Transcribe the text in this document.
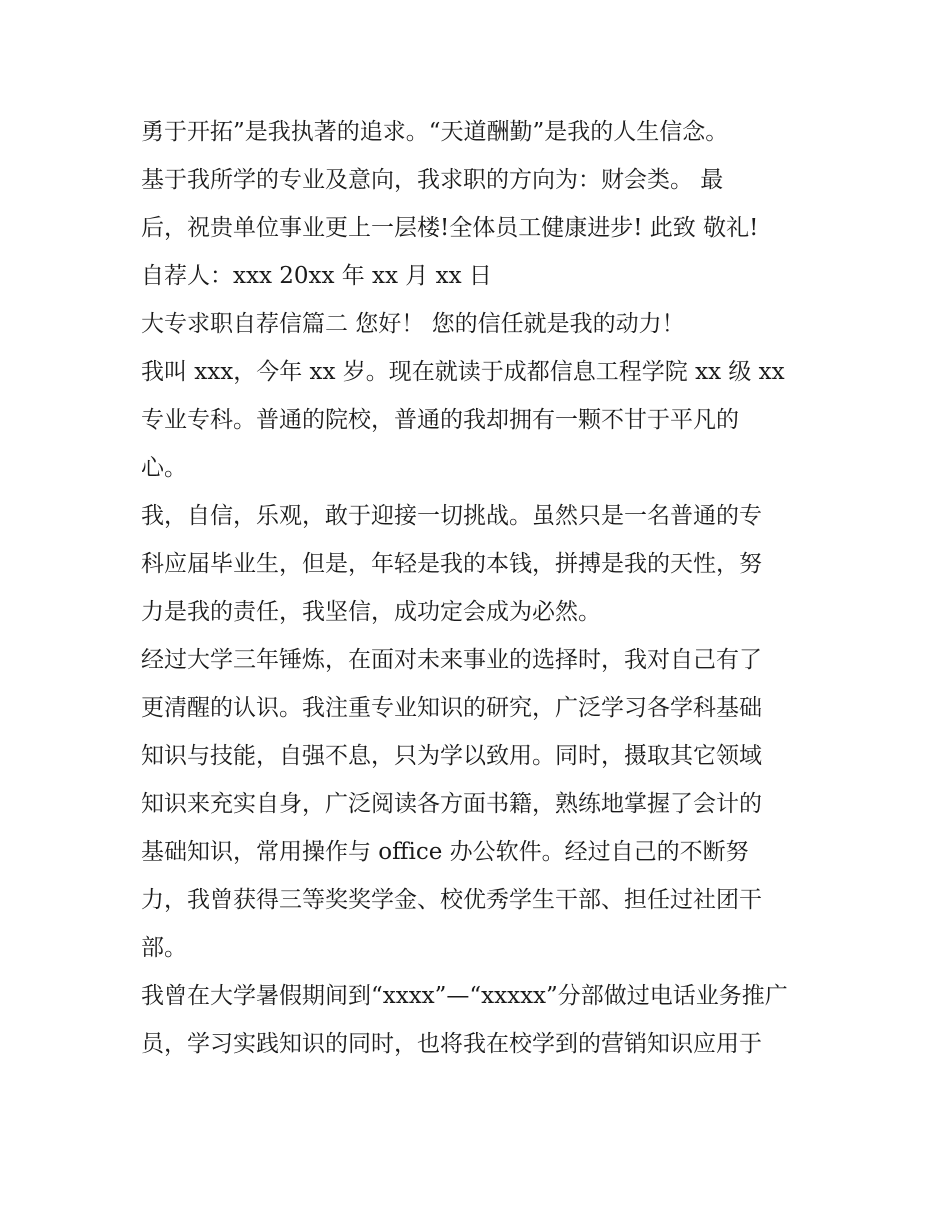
勇于开拓”是我执著的追求。“天道酬勤”是我的人生信念。
基于我所学的专业及意向，我求职的方向为：财会类。 最
后，祝贵单位事业更上一层楼!全体员工健康进步! 此致 敬礼!
自荐人：xxx 20xx 年 xx 月 xx 日
大专求职自荐信篇二 您好！ 您的信任就是我的动力！
我叫 xxx，今年 xx 岁。现在就读于成都信息工程学院 xx 级 xx
专业专科。普通的院校，普通的我却拥有一颗不甘于平凡的
心。
我，自信，乐观，敢于迎接一切挑战。虽然只是一名普通的专
科应届毕业生，但是，年轻是我的本钱，拼搏是我的天性，努
力是我的责任，我坚信，成功定会成为必然。
经过大学三年锤炼，在面对未来事业的选择时，我对自己有了
更清醒的认识。我注重专业知识的研究，广泛学习各学科基础
知识与技能，自强不息，只为学以致用。同时，摄取其它领域
知识来充实自身，广泛阅读各方面书籍，熟练地掌握了会计的
基础知识，常用操作与 office 办公软件。经过自己的不断努
力，我曾获得三等奖奖学金、校优秀学生干部、担任过社团干
部。
我曾在大学暑假期间到“xxxx”—“xxxxx”分部做过电话业务推广
员，学习实践知识的同时，也将我在校学到的营销知识应用于
